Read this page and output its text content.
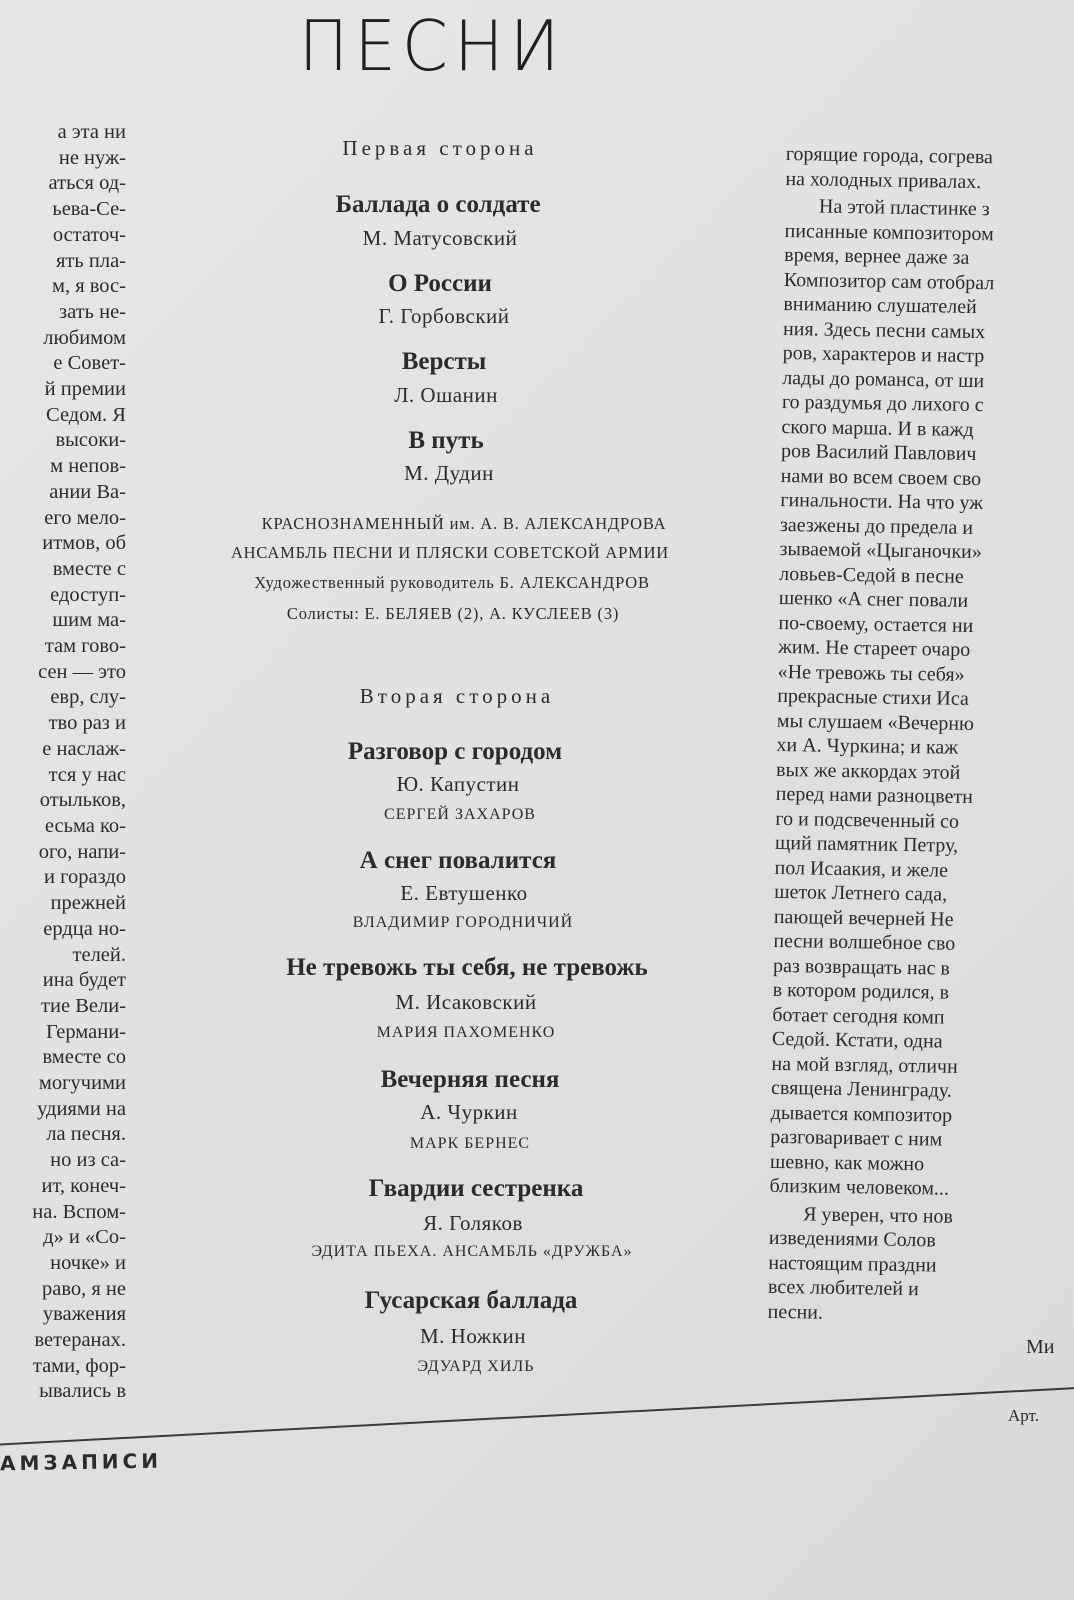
ПЕСНИ
Первая сторона
Баллада о солдате
М. Матусовский
О России
Г. Горбовский
Версты
Л. Ошанин
В путь
М. Дудин
КРАСНОЗНАМЕННЫЙ им. А. В. АЛЕКСАНДРОВА
АНСАМБЛЬ ПЕСНИ И ПЛЯСКИ СОВЕТСКОЙ АРМИИ
Художественный руководитель Б. АЛЕКСАНДРОВ
Солисты: Е. БЕЛЯЕВ (2), А. КУСЛЕЕВ (3)
Вторая сторона
Разговор с городом
Ю. Капустин
СЕРГЕЙ ЗАХАРОВ
А снег повалится
Е. Евтушенко
ВЛАДИМИР ГОРОДНИЧИЙ
Не тревожь ты себя, не тревожь
М. Исаковский
МАРИЯ ПАХОМЕНКО
Вечерняя песня
А. Чуркин
МАРК БЕРНЕС
Гвардии сестренка
Я. Голяков
ЭДИТА ПЬЕХА. АНСАМБЛЬ «ДРУЖБА»
Гусарская баллада
М. Ножкин
ЭДУАРД ХИЛЬ
а эта ни
не нуж-
аться од-
ьева-Се-
остаточ-
ять пла-
м, я вос-
зать не-
любимом
е Совет-
й премии
Седом. Я
высоки-
м непов-
ании Ва-
его мело-
итмов, об
вместе с
едоступ-
шим ма-
там гово-
сен — это
евр, слу-
тво раз и
е наслаж-
тся у нас
отыльков,
есьма ко-
ого, напи-
и гораздо
прежней
ердца но-
телей.
ина будет
тие Вели-
Германи-
вместе со
могучими
удиями на
ла песня.
но из са-
ит, конеч-
на. Вспом-
д» и «Со-
ночке» и
раво, я не
уважения
ветеранах.
тами, фор-
ывались в
горящие города, согрева
на холодных привалах.
На этой пластинке з
писанные композитором
время, вернее даже за
Композитор сам отобрал
вниманию слушателей
ния. Здесь песни самых
ров, характеров и настр
лады до романса, от ши
го раздумья до лихого с
ского марша. И в кажд
ров Василий Павлович
нами во всем своем сво
гинальности. На что уж
заезжены до предела и
зываемой «Цыганочки»
ловьев-Седой в песне
шенко «А снег повали
по-своему, остается ни
жим. Не стареет очаро
«Не тревожь ты себя»
прекрасные стихи Иса
мы слушаем «Вечерню
хи А. Чуркина; и каж
вых же аккордах этой
перед нами разноцветн
го и подсвеченный со
щий памятник Петру,
пол Исаакия, и желе
шеток Летнего сада,
пающей вечерней Не
песни волшебное сво
раз возвращать нас в
в котором родился, в
ботает сегодня комп
Седой. Кстати, одна
на мой взгляд, отличн
священа Ленинграду.
дывается композитор
разговаривает с ним
шевно, как можно
близким человеком...
Я уверен, что нов
изведениями Солов
настоящим праздни
всех любителей и
песни.
Ми
Арт.
АМЗАПИСИ
